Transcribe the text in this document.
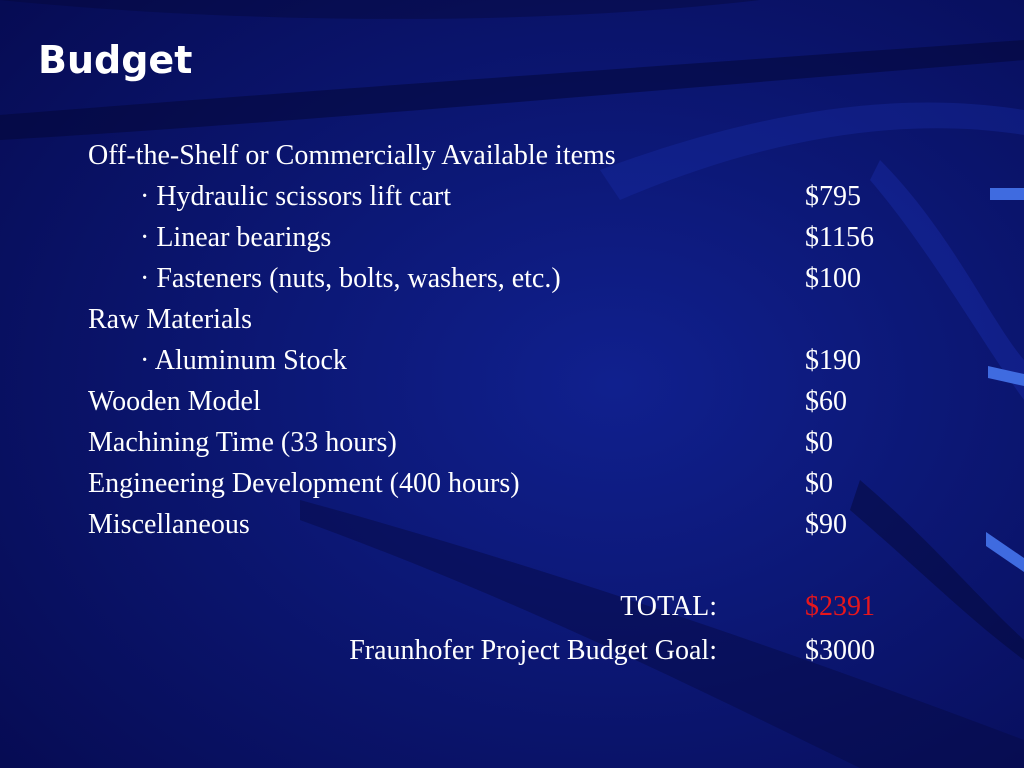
Budget
Off-the-Shelf or Commercially Available items
· Hydraulic scissors lift cart	$795
· Linear bearings	$1156
· Fasteners (nuts, bolts, washers, etc.)	$100
Raw Materials
· Aluminum Stock	$190
Wooden Model	$60
Machining Time (33 hours)	$0
Engineering Development (400 hours)	$0
Miscellaneous	$90
TOTAL:	$2391
Fraunhofer Project Budget Goal:	$3000
